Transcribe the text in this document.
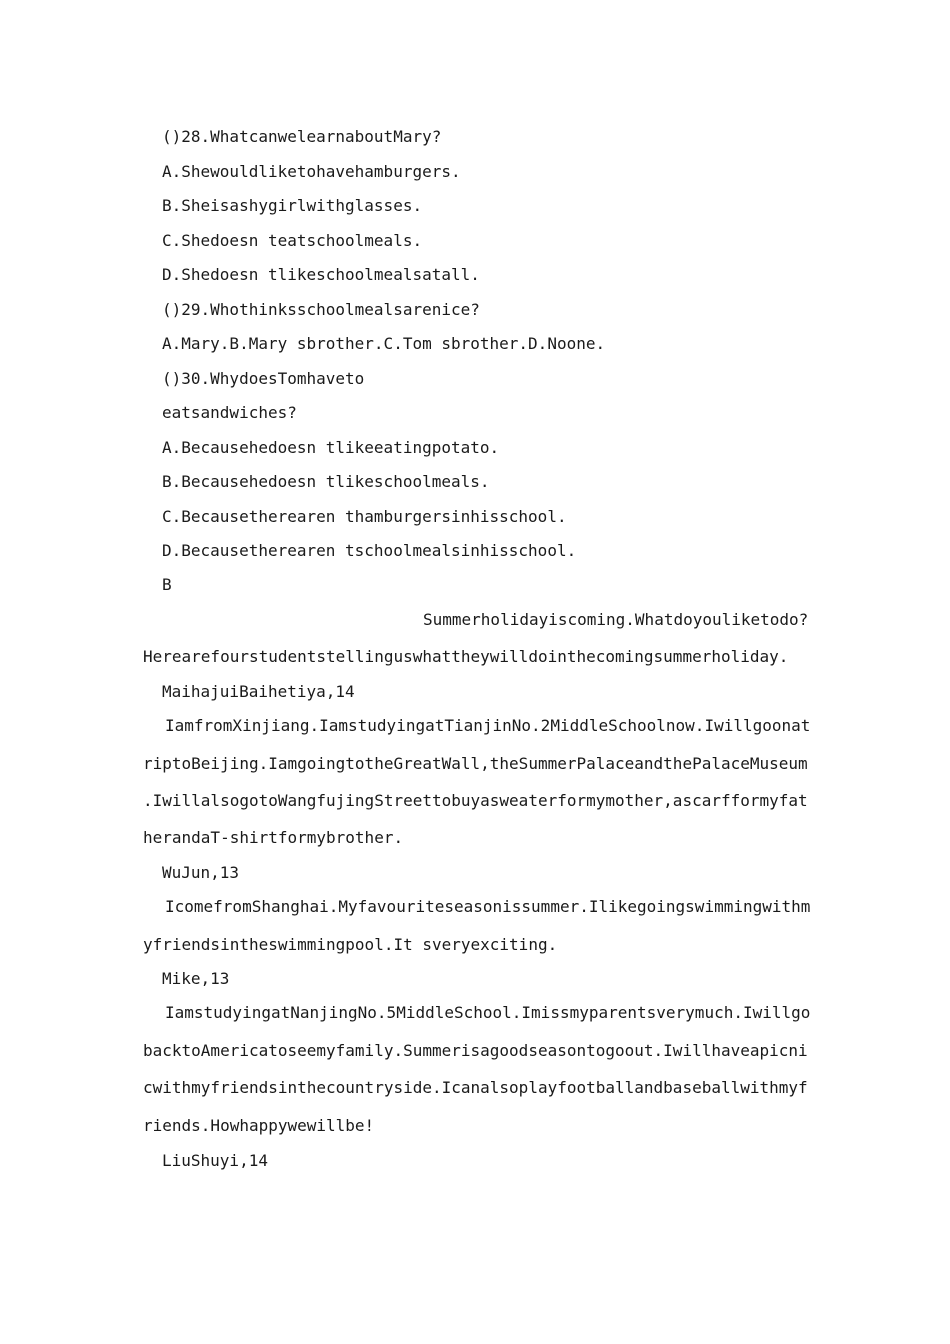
()28.WhatcanwelearnaboutMary?
A.Shewouldliketohavehamburgers.
B.Sheisashygirlwithglasses.
C.Shedoesn teatschoolmeals.
D.Shedoesn tlikeschoolmealsatall.
()29.Whothinksschoolmealsarenice?
A.Mary.B.Mary sbrother.C.Tom sbrother.D.Noone.
()30.WhydoesTomhaveto
eatsandwiches?
A.Becausehedoesn tlikeeatingpotato.
B.Becausehedoesn tlikeschoolmeals.
C.Becausetherearen thamburgersinhisschool.
D.Becausetherearen tschoolmealsinhisschool.
B
Summerholidayiscoming.Whatdoyouliketodo?
Herearefourstudentstellinguswhattheywilldointhecomingsummerholiday.
MaihajuiBaihetiya,14
IamfromXinjiang.IamstudyingatTianjinNo.2MiddleSchoolnow.Iwillgoonat
riptoBeijing.IamgoingtotheGreatWall,theSummerPalaceandthePalaceMuseum
.IwillalsogotoWangfujingStreettobuyasweaterformymother,ascarfformyfat
herandaT-shirtformybrother.
WuJun,13
IcomefromShanghai.Myfavouriteseasonissummer.Ilikegoingswimmingwithm
yfriendsintheswimmingpool.It sveryexciting.
Mike,13
IamstudyingatNanjingNo.5MiddleSchool.Imissmyparentsverymuch.Iwillgo
backtoAmericatoseemyfamily.Summerisagoodseasontogoout.Iwillhaveapicni
cwithmyfriendsinthecountryside.Icanalsoplayfootballandbaseballwithmyf
riends.Howhappywewillbe!
LiuShuyi,14
